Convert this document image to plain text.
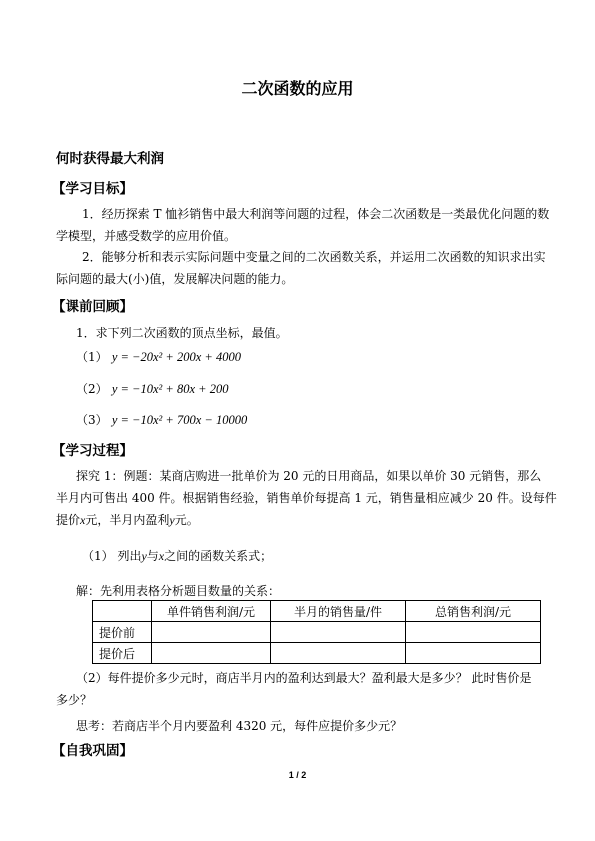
二次函数的应用
何时获得最大利润
【学习目标】
1．经历探索 T 恤衫销售中最大利润等问题的过程，体会二次函数是一类最优化问题的数
学模型，并感受数学的应用价值。
2．能够分析和表示实际问题中变量之间的二次函数关系，并运用二次函数的知识求出实
际问题的最大(小)值，发展解决问题的能力。
【课前回顾】
1．求下列二次函数的顶点坐标，最值。
（1） y = −20x² + 200x + 4000
（2） y = −10x² + 80x + 200
（3） y = −10x² + 700x − 10000
【学习过程】
探究 1：例题：某商店购进一批单价为 20 元的日用商品，如果以单价 30 元销售，那么
半月内可售出 400 件。根据销售经验，销售单价每提高 1 元，销售量相应减少 20 件。设每件
提价x元，半月内盈利y元。
（1） 列出y与x之间的函数关系式；
解：先利用表格分析题目数量的关系：
	单件销售利润/元	半月的销售量/件	总销售利润/元
提价前			
提价后			
（2）每件提价多少元时，商店半月内的盈利达到最大？盈利最大是多少？ 此时售价是
多少？
思考：若商店半个月内要盈利 4320 元，每件应提价多少元？
【自我巩固】
1 / 2
